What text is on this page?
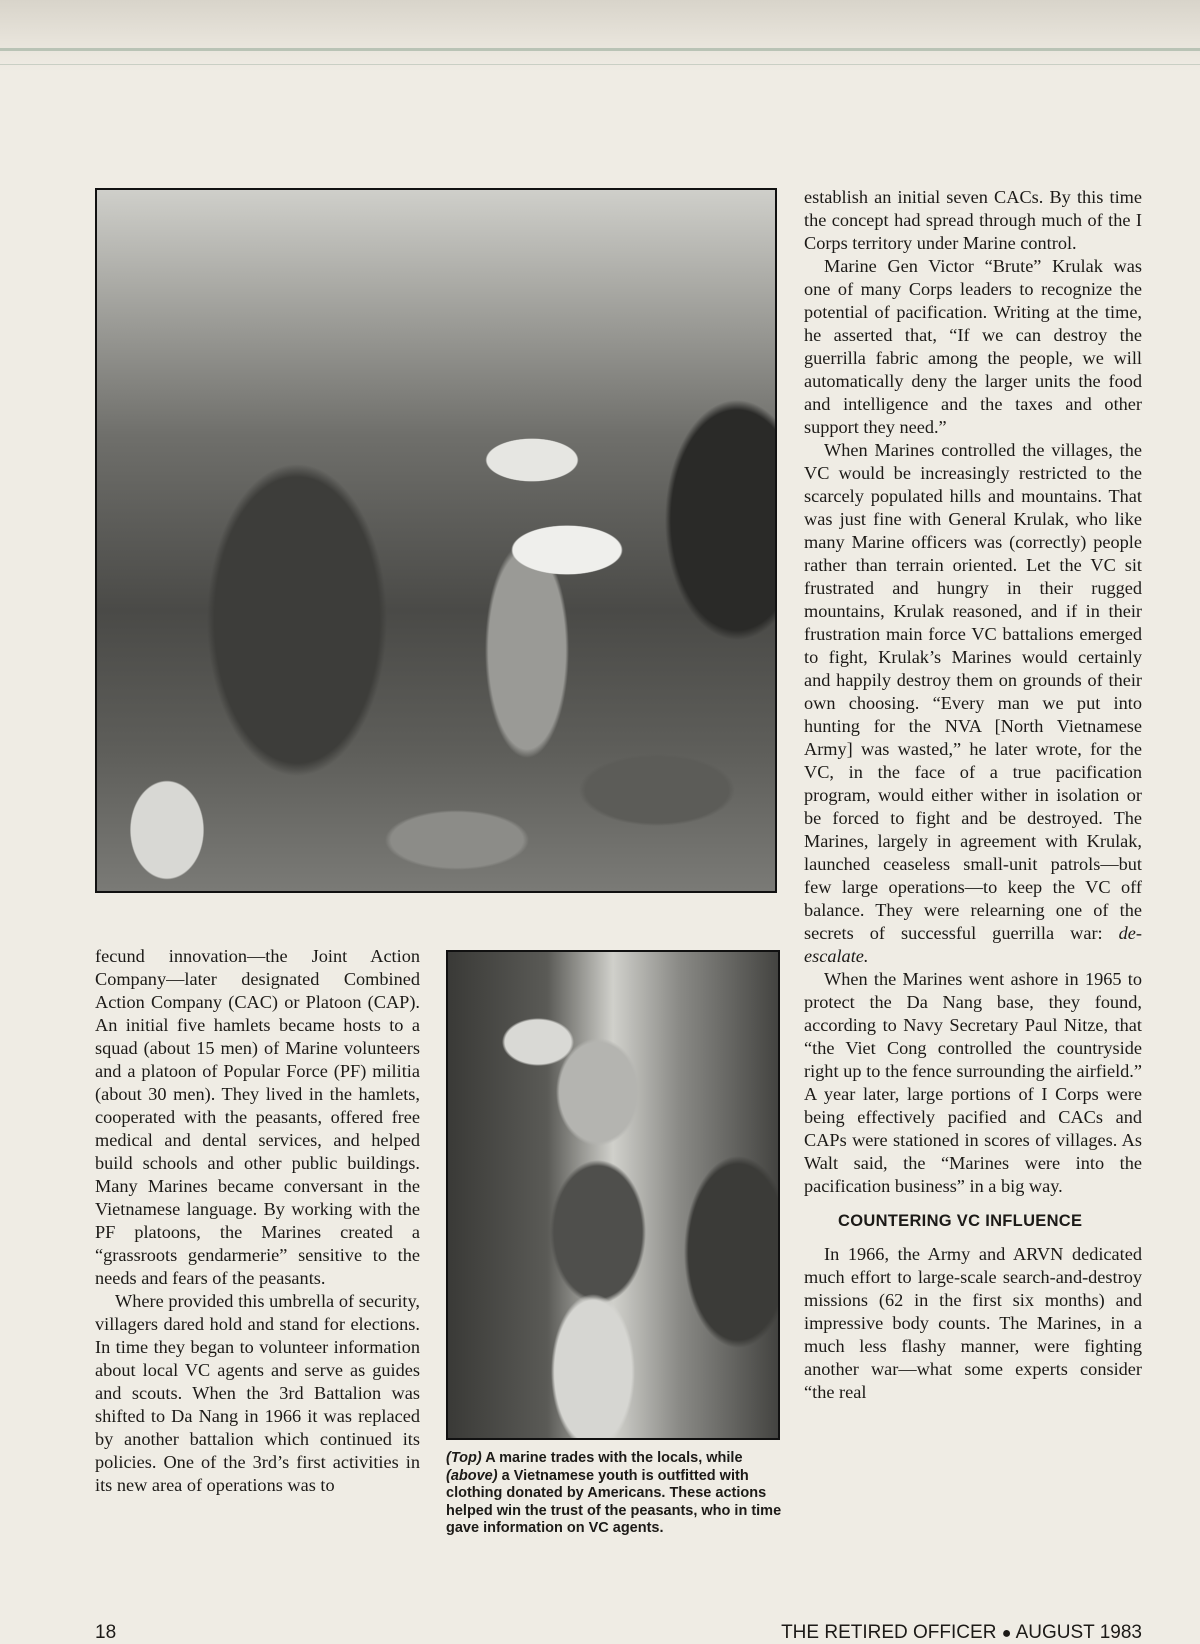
fecund innovation—the Joint Action Company—later designated Combined Action Company (CAC) or Platoon (CAP). An initial five hamlets became hosts to a squad (about 15 men) of Marine volunteers and a platoon of Popular Force (PF) militia (about 30 men). They lived in the hamlets, cooperated with the peasants, offered free medical and dental services, and helped build schools and other public buildings. Many Marines became conversant in the Vietnamese language. By working with the PF platoons, the Marines created a “grassroots gendarmerie” sensitive to the needs and fears of the peasants.

Where provided this umbrella of security, villagers dared hold and stand for elections. In time they began to volunteer information about local VC agents and serve as guides and scouts. When the 3rd Battalion was shifted to Da Nang in 1966 it was replaced by another battalion which continued its policies. One of the 3rd’s first activities in its new area of operations was to

(Top) A marine trades with the locals, while (above) a Vietnamese youth is outfitted with clothing donated by Americans. These actions helped win the trust of the peasants, who in time gave information on VC agents.

establish an initial seven CACs. By this time the concept had spread through much of the I Corps territory under Marine control.

Marine Gen Victor “Brute” Krulak was one of many Corps leaders to recognize the potential of pacification. Writing at the time, he asserted that, “If we can destroy the guerrilla fabric among the people, we will automatically deny the larger units the food and intelligence and the taxes and other support they need.”

When Marines controlled the villages, the VC would be increasingly restricted to the scarcely populated hills and mountains. That was just fine with General Krulak, who like many Marine officers was (correctly) people rather than terrain oriented. Let the VC sit frustrated and hungry in their rugged mountains, Krulak reasoned, and if in their frustration main force VC battalions emerged to fight, Krulak’s Marines would certainly and happily destroy them on grounds of their own choosing. “Every man we put into hunting for the NVA [North Vietnamese Army] was wasted,” he later wrote, for the VC, in the face of a true pacification program, would either wither in isolation or be forced to fight and be destroyed. The Marines, largely in agreement with Krulak, launched ceaseless small-unit patrols—but few large operations—to keep the VC off balance. They were relearning one of the secrets of successful guerrilla war: de-escalate.

When the Marines went ashore in 1965 to protect the Da Nang base, they found, according to Navy Secretary Paul Nitze, that “the Viet Cong controlled the countryside right up to the fence surrounding the airfield.” A year later, large portions of I Corps were being effectively pacified and CACs and CAPs were stationed in scores of villages. As Walt said, the “Marines were into the pacification business” in a big way.

COUNTERING VC INFLUENCE

In 1966, the Army and ARVN dedicated much effort to large-scale search-and-destroy missions (62 in the first six months) and impressive body counts. The Marines, in a much less flashy manner, were fighting another war—what some experts consider “the real

18	THE RETIRED OFFICER ● AUGUST 1983
